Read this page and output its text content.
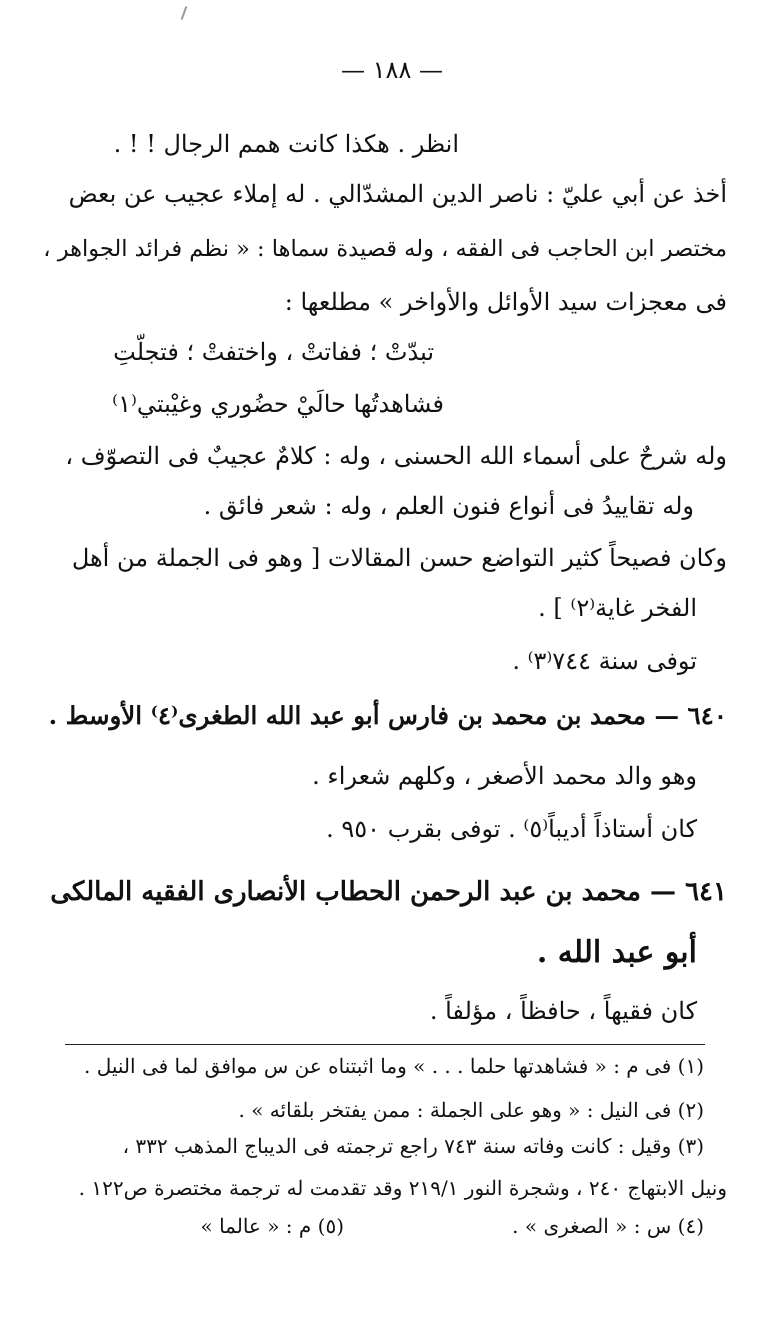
— ١٨٨ —
انظر . هكذا كانت همم الرجال ! ! .
أخذ عن أبي عليّ : ناصر الدين المشدّالي . له إملاء عجيب عن بعض
مختصر ابن الحاجب فى الفقه ، وله قصيدة سماها : « نظم فرائد الجواهر ،
فى معجزات سيد الأوائل والأواخر » مطلعها :
تبدّتْ ؛ ففاتتْ ، واختفتْ ؛ فتجلّتِ
فشاهدتُها حالَيْ حضُوري وغيْبتي⁽١⁾
وله شرحٌ على أسماء الله الحسنى ، وله : كلامٌ عجيبٌ فى التصوّف ،
وله تقاييدُ فى أنواع فنون العلم ، وله : شعر فائق .
وكان فصيحاً كثير التواضع حسن المقالات [ وهو فى الجملة من أهل
الفخر غاية⁽٢⁾ ] .
توفى سنة ٧٤٤⁽٣⁾ .
٦٤٠ — محمد بن محمد بن فارس أبو عبد الله الطغرى⁽٤⁾ الأوسط .
وهو والد محمد الأصغر ، وكلهم شعراء .
كان أستاذاً أديباً⁽٥⁾ . توفى بقرب ٩٥٠ .
٦٤١ — محمد بن عبد الرحمن الحطاب الأنصارى الفقيه المالكى
أبو عبد الله .
كان فقيهاً ، حافظاً ، مؤلفاً .
(١) فى م : « فشاهدتها حلما . . . » وما اثبتناه عن س موافق لما فى النيل .
(٢) فى النيل : « وهو على الجملة : ممن يفتخر بلقائه » .
(٣) وقيل : كانت وفاته سنة ٧٤٣ راجع ترجمته فى الديباج المذهب ٣٣٢ ،
ونيل الابتهاج ٢٤٠ ، وشجرة النور ٢١٩/١ وقد تقدمت له ترجمة مختصرة ص١٢٢ .
(٤) س : « الصغرى » .
(٥) م : « عالما »
